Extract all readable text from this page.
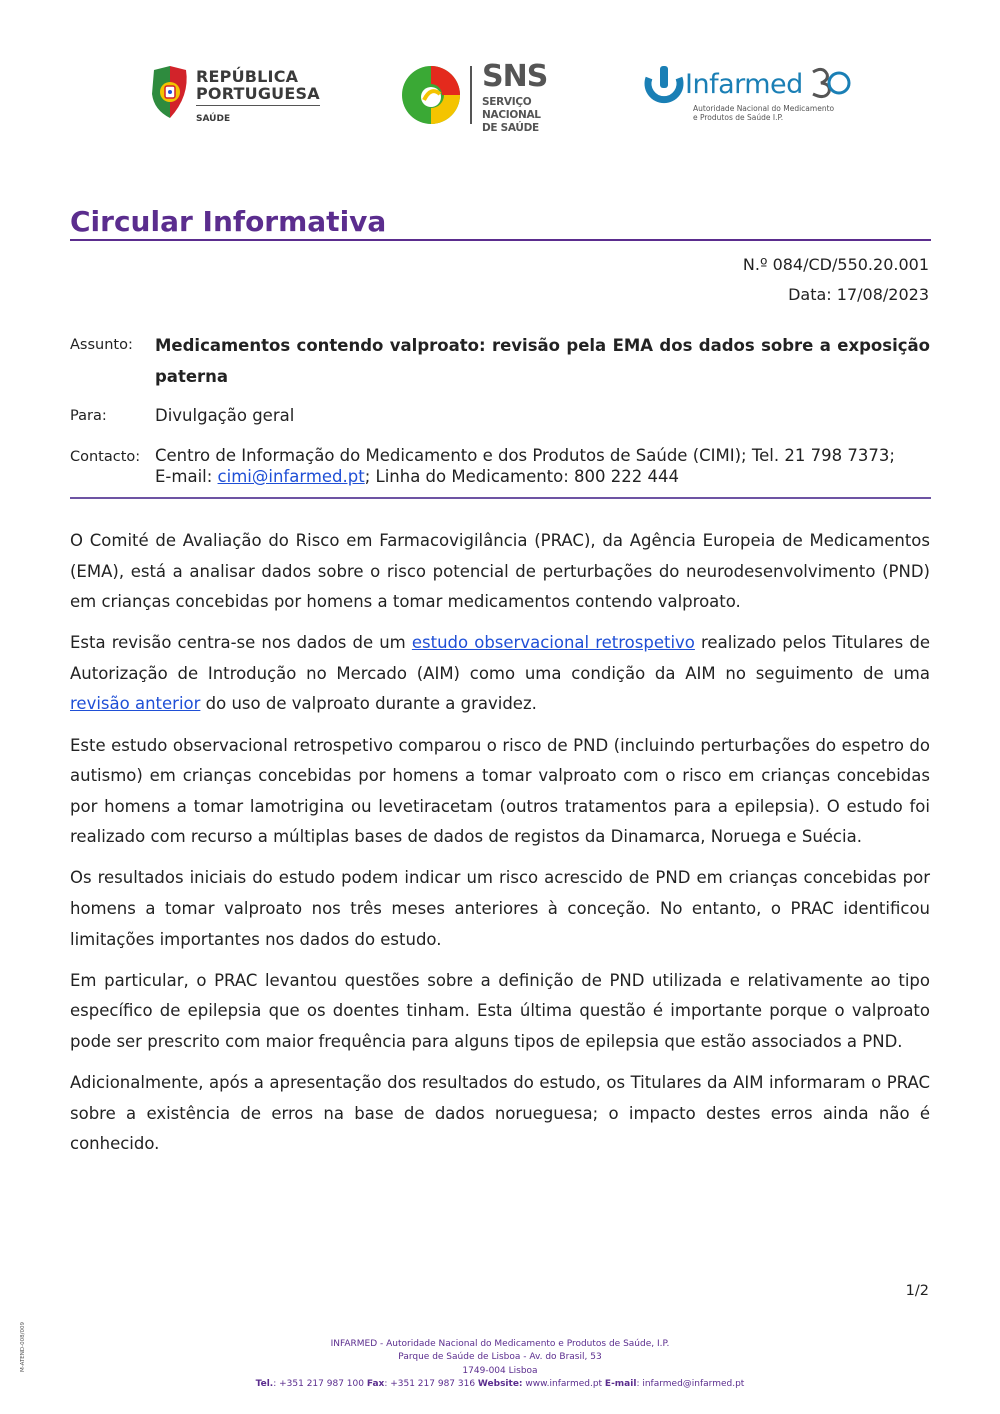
REPÚBLICA
PORTUGUESA
SAÚDE
SNS
SERVIÇO NACIONAL
DE SAÚDE
Infarmed
Autoridade Nacional do Medicamento
e Produtos de Saúde I.P.
Circular Informativa
N.º 084/CD/550.20.001
Data: 17/08/2023
Assunto: Medicamentos contendo valproato: revisão pela EMA dos dados sobre a exposição paterna
Para:	Divulgação geral
Contacto: Centro de Informação do Medicamento e dos Produtos de Saúde (CIMI); Tel. 21 798 7373;
E-mail: cimi@infarmed.pt; Linha do Medicamento: 800 222 444

O Comité de Avaliação do Risco em Farmacovigilância (PRAC), da Agência Europeia de Medicamentos (EMA), está a analisar dados sobre o risco potencial de perturbações do neurodesenvolvimento (PND) em crianças concebidas por homens a tomar medicamentos contendo valproato.

Esta revisão centra-se nos dados de um estudo observacional retrospetivo realizado pelos Titulares de Autorização de Introdução no Mercado (AIM) como uma condição da AIM no seguimento de uma revisão anterior do uso de valproato durante a gravidez.

Este estudo observacional retrospetivo comparou o risco de PND (incluindo perturbações do espetro do autismo) em crianças concebidas por homens a tomar valproato com o risco em crianças concebidas por homens a tomar lamotrigina ou levetiracetam (outros tratamentos para a epilepsia). O estudo foi realizado com recurso a múltiplas bases de dados de registos da Dinamarca, Noruega e Suécia.

Os resultados iniciais do estudo podem indicar um risco acrescido de PND em crianças concebidas por homens a tomar valproato nos três meses anteriores à conceção. No entanto, o PRAC identificou limitações importantes nos dados do estudo.

Em particular, o PRAC levantou questões sobre a definição de PND utilizada e relativamente ao tipo específico de epilepsia que os doentes tinham. Esta última questão é importante porque o valproato pode ser prescrito com maior frequência para alguns tipos de epilepsia que estão associados a PND.

Adicionalmente, após a apresentação dos resultados do estudo, os Titulares da AIM informaram o PRAC sobre a existência de erros na base de dados norueguesa; o impacto destes erros ainda não é conhecido.

1/2
M-ATEND-008/009	INFARMED - Autoridade Nacional do Medicamento e Produtos de Saúde, I.P.
Parque de Saúde de Lisboa - Av. do Brasil, 53
1749-004 Lisboa
Tel.: +351 217 987 100 Fax: +351 217 987 316 Website: www.infarmed.pt E-mail: infarmed@infarmed.pt
